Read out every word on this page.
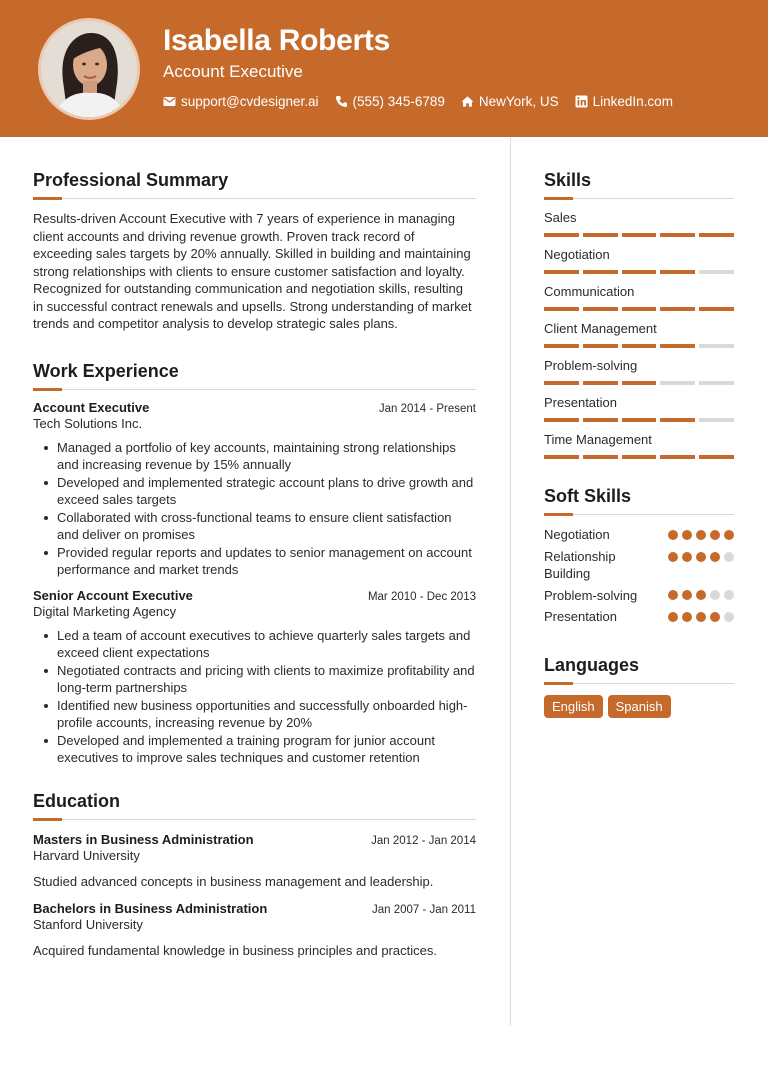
Isabella Roberts
Account Executive
support@cvdesigner.ai	(555) 345-6789	NewYork, US	LinkedIn.com
Professional Summary
Results-driven Account Executive with 7 years of experience in managing client accounts and driving revenue growth. Proven track record of exceeding sales targets by 20% annually. Skilled in building and maintaining strong relationships with clients to ensure customer satisfaction and loyalty. Recognized for outstanding communication and negotiation skills, resulting in successful contract renewals and upsells. Strong understanding of market trends and competitor analysis to develop strategic sales plans.
Work Experience
Account Executive	Jan 2014 - Present
Tech Solutions Inc.
Managed a portfolio of key accounts, maintaining strong relationships and increasing revenue by 15% annually
Developed and implemented strategic account plans to drive growth and exceed sales targets
Collaborated with cross-functional teams to ensure client satisfaction and deliver on promises
Provided regular reports and updates to senior management on account performance and market trends
Senior Account Executive	Mar 2010 - Dec 2013
Digital Marketing Agency
Led a team of account executives to achieve quarterly sales targets and exceed client expectations
Negotiated contracts and pricing with clients to maximize profitability and long-term partnerships
Identified new business opportunities and successfully onboarded high-profile accounts, increasing revenue by 20%
Developed and implemented a training program for junior account executives to improve sales techniques and customer retention
Education
Masters in Business Administration	Jan 2012 - Jan 2014
Harvard University
Studied advanced concepts in business management and leadership.
Bachelors in Business Administration	Jan 2007 - Jan 2011
Stanford University
Acquired fundamental knowledge in business principles and practices.
Skills
Sales
Negotiation
Communication
Client Management
Problem-solving
Presentation
Time Management
Soft Skills
Negotiation
Relationship Building
Problem-solving
Presentation
Languages
English	Spanish
